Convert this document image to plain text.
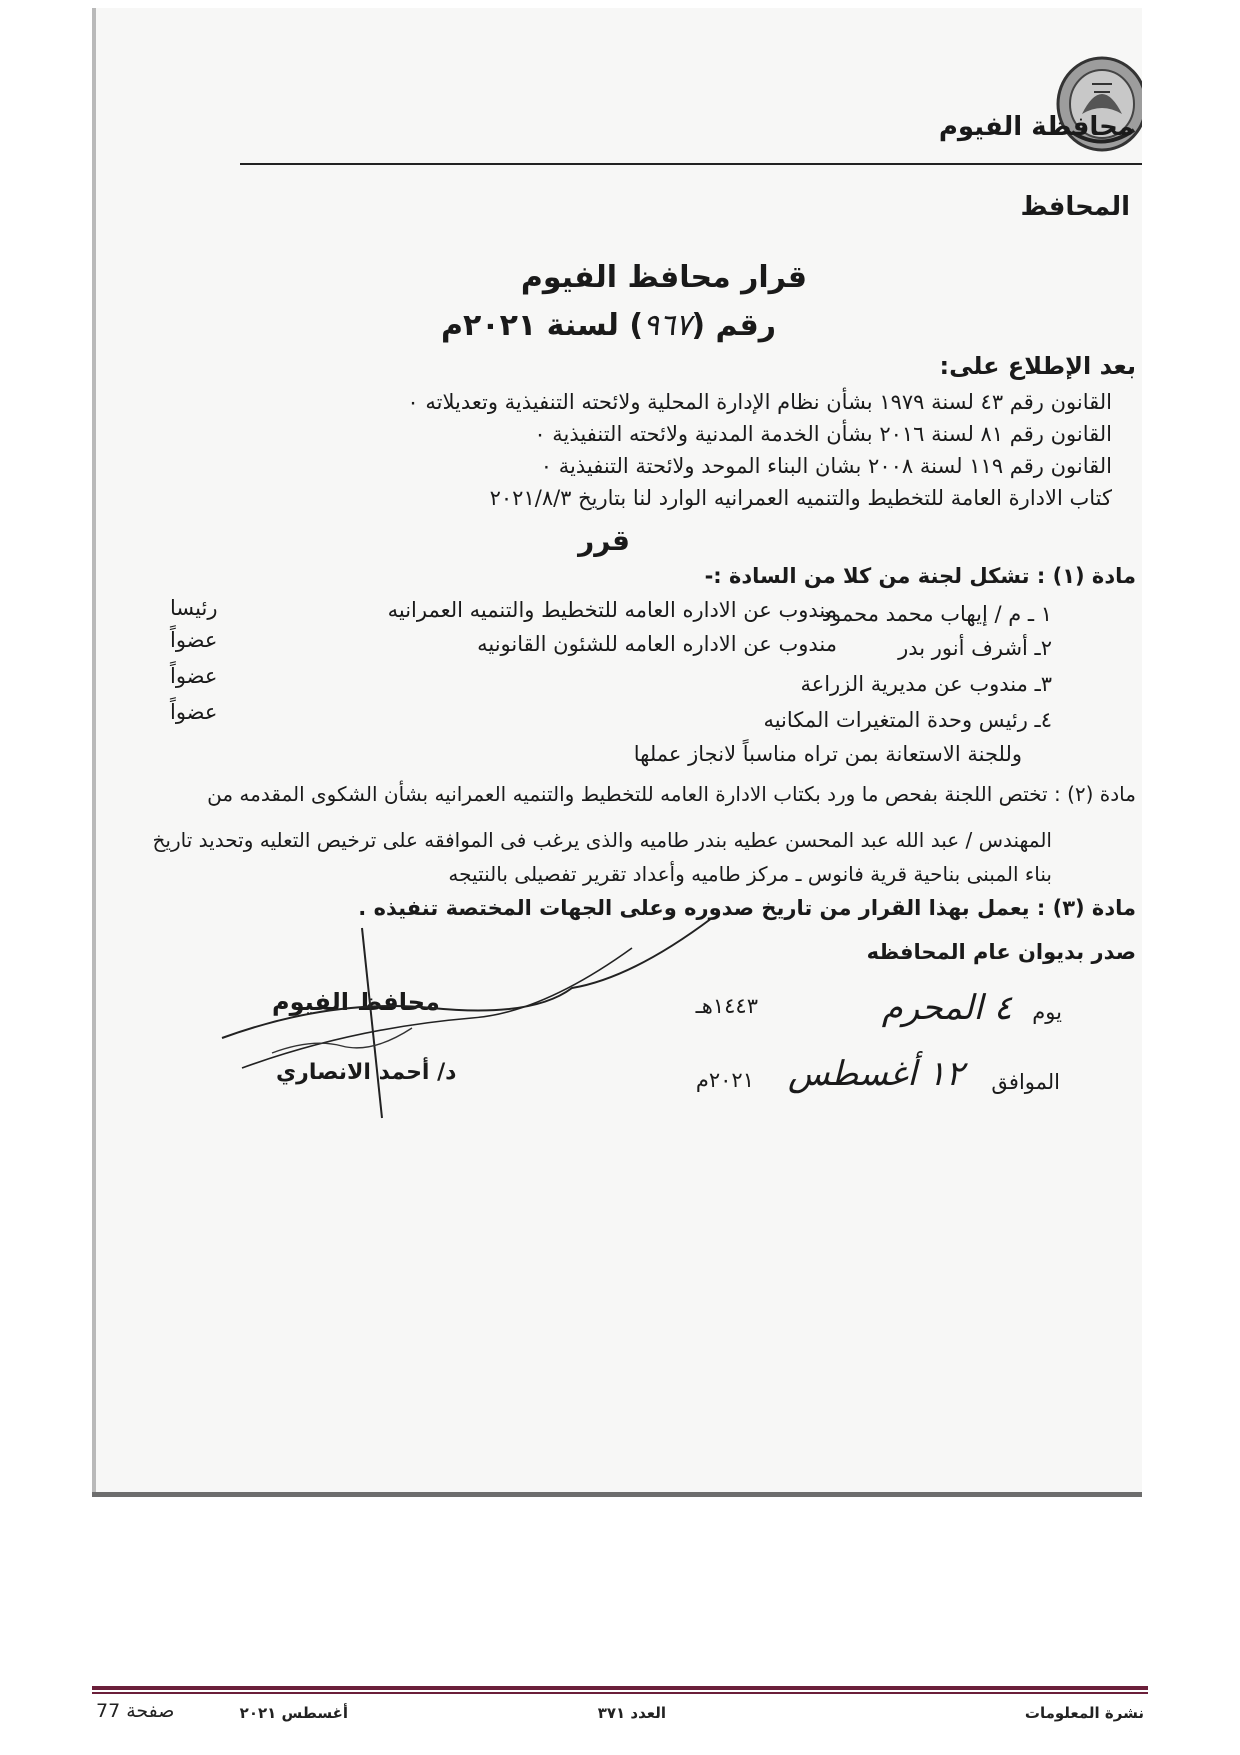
محافظة الفيوم
المحافظ
قرار محافظ الفيوم
رقم (٩٦٧) لسنة ٢٠٢١م
بعد الإطلاع على:
القانون رقم ٤٣ لسنة ١٩٧٩ بشأن نظام الإدارة المحلية ولائحته التنفيذية وتعديلاته ٠
القانون رقم ٨١ لسنة ٢٠١٦ بشأن الخدمة المدنية ولائحته التنفيذية ٠
القانون رقم ١١٩ لسنة ٢٠٠٨ بشان البناء الموحد ولائحتة التنفيذية ٠
كتاب الادارة العامة للتخطيط والتنميه العمرانيه الوارد لنا بتاريخ ٢٠٢١/٨/٣
قرر
مادة (١) : تشكل لجنة من كلا من السادة :-
١ ـ م / إيهاب محمد محمود
مندوب عن الاداره العامه للتخطيط والتنميه العمرانيه
رئيسا
٢ـ أشرف أنور بدر
مندوب عن الاداره العامه للشئون القانونيه
عضواً
٣ـ مندوب عن مديرية الزراعة
عضواً
٤ـ رئيس وحدة المتغيرات المكانيه
عضواً
وللجنة الاستعانة بمن تراه مناسباً لانجاز عملها
مادة (٢) : تختص اللجنة بفحص ما ورد بكتاب الادارة العامه للتخطيط والتنميه العمرانيه بشأن الشكوى المقدمه من
المهندس / عبد الله عبد المحسن عطيه بندر طاميه والذى يرغب فى الموافقه على ترخيص التعليه وتحديد تاريخ
بناء المبنى بناحية قرية فانوس ـ مركز طاميه وأعداد تقرير تفصيلى بالنتيجه
مادة (٣) : يعمل بهذا القرار من تاريخ صدوره وعلى الجهات المختصة تنفيذه .
صدر بديوان عام المحافظه
يوم
٤ المحرم
١٤٤٣هـ
الموافق
١٢ أغسطس
٢٠٢١م
محافظ الفيوم
د/ أحمد الانصاري
نشرة المعلومات
العدد ٣٧١
أغسطس ٢٠٢١
صفحة 77
